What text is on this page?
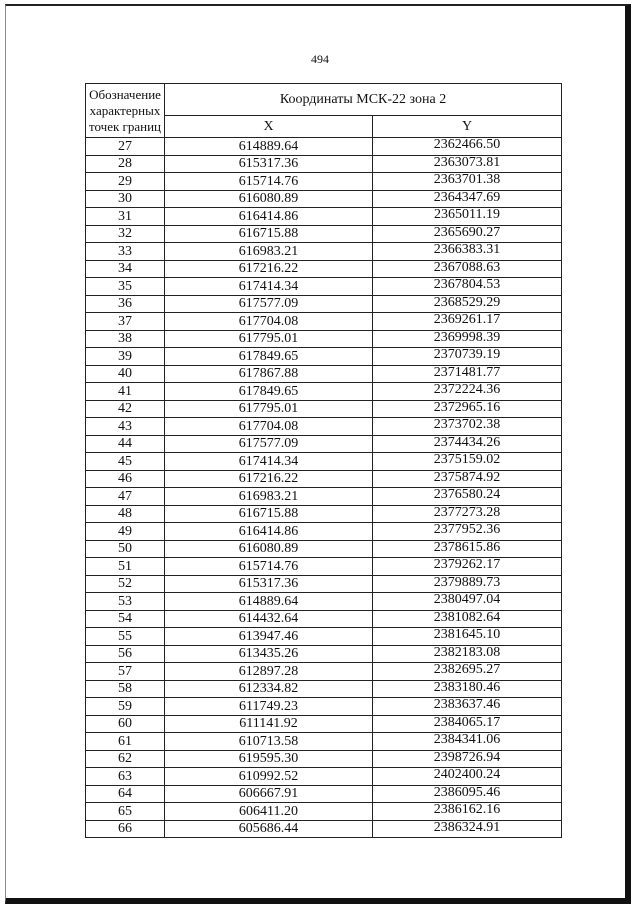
494
Обозначение характерных точек границ	Координаты МСК-22 зона 2	
	X	Y
27	614889.64	2362466.50
28	615317.36	2363073.81
29	615714.76	2363701.38
30	616080.89	2364347.69
31	616414.86	2365011.19
32	616715.88	2365690.27
33	616983.21	2366383.31
34	617216.22	2367088.63
35	617414.34	2367804.53
36	617577.09	2368529.29
37	617704.08	2369261.17
38	617795.01	2369998.39
39	617849.65	2370739.19
40	617867.88	2371481.77
41	617849.65	2372224.36
42	617795.01	2372965.16
43	617704.08	2373702.38
44	617577.09	2374434.26
45	617414.34	2375159.02
46	617216.22	2375874.92
47	616983.21	2376580.24
48	616715.88	2377273.28
49	616414.86	2377952.36
50	616080.89	2378615.86
51	615714.76	2379262.17
52	615317.36	2379889.73
53	614889.64	2380497.04
54	614432.64	2381082.64
55	613947.46	2381645.10
56	613435.26	2382183.08
57	612897.28	2382695.27
58	612334.82	2383180.46
59	611749.23	2383637.46
60	611141.92	2384065.17
61	610713.58	2384341.06
62	619595.30	2398726.94
63	610992.52	2402400.24
64	606667.91	2386095.46
65	606411.20	2386162.16
66	605686.44	2386324.91
